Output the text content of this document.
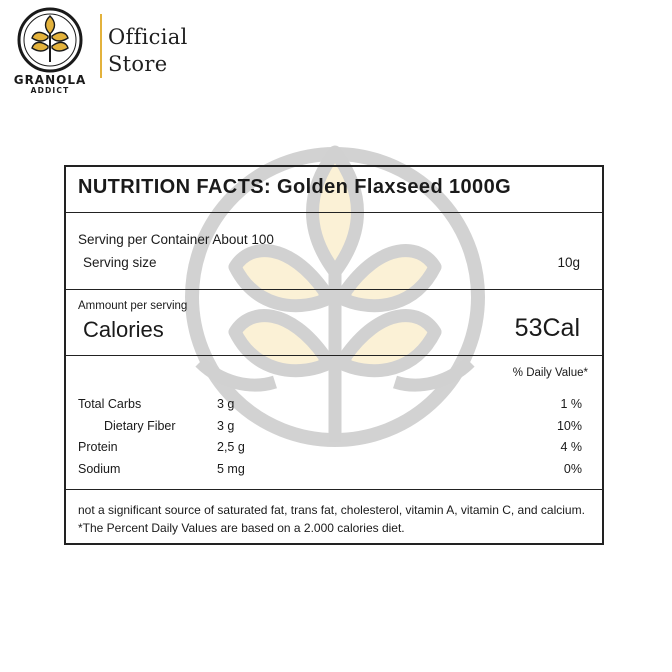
GRANOLA
ADDICT
Official
Store
NUTRITION FACTS: Golden Flaxseed 1000G
Serving per Container About 100
Serving size	10g
Ammount per serving
Calories	53Cal
% Daily Value*
Total Carbs	3 g	1 %
Dietary Fiber	3 g	10%
Protein	2,5 g	4 %
Sodium	5 mg	0%
not a significant source of saturated fat, trans fat, cholesterol, vitamin A, vitamin C, and calcium. *The Percent Daily Values are based on a 2.000 calories diet.
